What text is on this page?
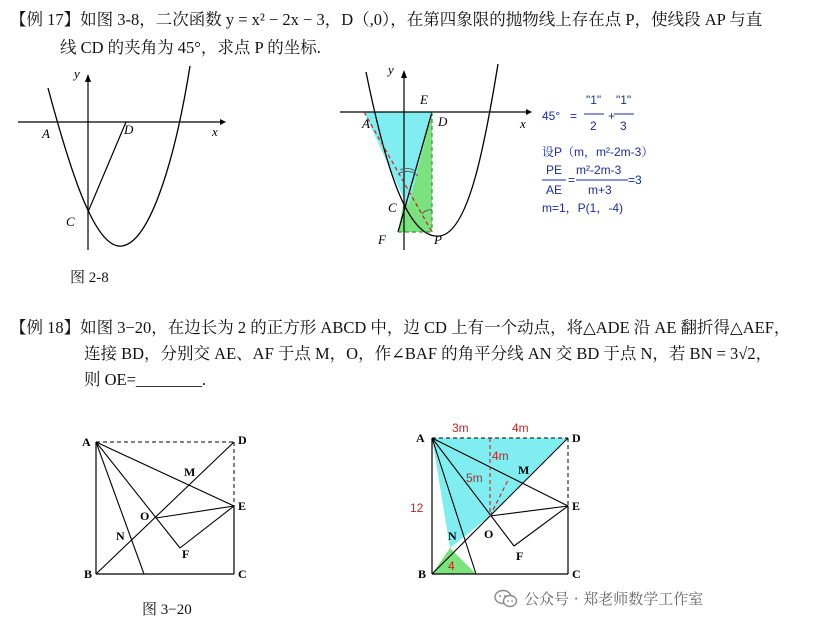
【例 17】如图 3-8，二次函数 y = x² − 2x − 3，D（,0），在第四象限的抛物线上存在点 P，使线段 AP 与直
线 CD 的夹角为 45°，求点 P 的坐标.
y
x
A	D
C
图 2-8
y
x
E
A	D
C
F	P
45° =
"1"
2
+
"1"
3
设P（m，m²-2m-3）
PE
AE
=
m²-2m-3
m+3
=3
m=1，P(1，-4)
【例 18】如图 3−20，在边长为 2 的正方形 ABCD 中，边 CD 上有一个动点，将△ADE 沿 AE 翻折得△AEF，
连接 BD，分别交 AE、AF 于点 M，O，作∠BAF 的角平分线 AN 交 BD 于点 N，若 BN = 3√2，
则 OE=________.
A	D
M
O
E
N
F
B	C
图 3−20
A	D
M
O
E
N
F
B	C
3m	4m
4m
5m
12
4
公众号 · 郑老师数学工作室
